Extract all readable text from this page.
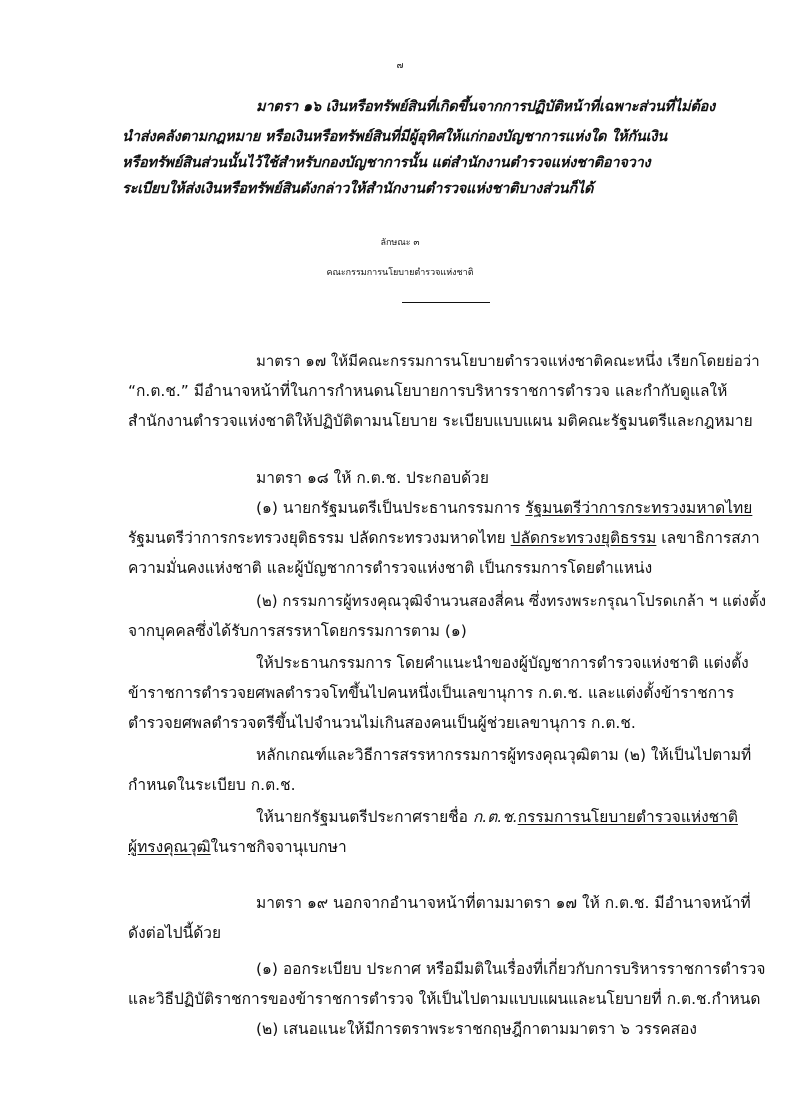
๗
มาตรา ๑๖ เงินหรือทรัพย์สินที่เกิดขึ้นจากการปฏิบัติหน้าที่เฉพาะส่วนที่ไม่ต้อง
นำส่งคลังตามกฎหมาย หรือเงินหรือทรัพย์สินที่มีผู้อุทิศให้แก่กองบัญชาการแห่งใด ให้กันเงิน
หรือทรัพย์สินส่วนนั้นไว้ใช้สำหรับกองบัญชาการนั้น แต่สำนักงานตำรวจแห่งชาติอาจวาง
ระเบียบให้ส่งเงินหรือทรัพย์สินดังกล่าวให้สำนักงานตำรวจแห่งชาติบางส่วนก็ได้
ลักษณะ ๓
คณะกรรมการนโยบายตำรวจแห่งชาติ
มาตรา ๑๗ ให้มีคณะกรรมการนโยบายตำรวจแห่งชาติคณะหนึ่ง เรียกโดยย่อว่า
“ก.ต.ช.” มีอำนาจหน้าที่ในการกำหนดนโยบายการบริหารราชการตำรวจ และกำกับดูแลให้
สำนักงานตำรวจแห่งชาติให้ปฏิบัติตามนโยบาย ระเบียบแบบแผน มติคณะรัฐมนตรีและกฎหมาย
มาตรา ๑๘ ให้ ก.ต.ช. ประกอบด้วย
(๑) นายกรัฐมนตรีเป็นประธานกรรมการ รัฐมนตรีว่าการกระทรวงมหาดไทย
รัฐมนตรีว่าการกระทรวงยุติธรรม ปลัดกระทรวงมหาดไทย ปลัดกระทรวงยุติธรรม เลขาธิการสภา
ความมั่นคงแห่งชาติ และผู้บัญชาการตำรวจแห่งชาติ เป็นกรรมการโดยตำแหน่ง
(๒) กรรมการผู้ทรงคุณวุฒิจำนวนสองสี่คน ซึ่งทรงพระกรุณาโปรดเกล้า ฯ แต่งตั้ง
จากบุคคลซึ่งได้รับการสรรหาโดยกรรมการตาม (๑)
ให้ประธานกรรมการ โดยคำแนะนำของผู้บัญชาการตำรวจแห่งชาติ แต่งตั้ง
ข้าราชการตำรวจยศพลตำรวจโทขึ้นไปคนหนึ่งเป็นเลขานุการ ก.ต.ช. และแต่งตั้งข้าราชการ
ตำรวจยศพลตำรวจตรีขึ้นไปจำนวนไม่เกินสองคนเป็นผู้ช่วยเลขานุการ ก.ต.ช.
หลักเกณฑ์และวิธีการสรรหากรรมการผู้ทรงคุณวุฒิตาม (๒) ให้เป็นไปตามที่
กำหนดในระเบียบ ก.ต.ช.
ให้นายกรัฐมนตรีประกาศรายชื่อ ก.ต.ช.กรรมการนโยบายตำรวจแห่งชาติ
ผู้ทรงคุณวุฒิในราชกิจจานุเบกษา
มาตรา ๑๙ นอกจากอำนาจหน้าที่ตามมาตรา ๑๗ ให้ ก.ต.ช. มีอำนาจหน้าที่
ดังต่อไปนี้ด้วย
(๑) ออกระเบียบ ประกาศ หรือมีมติในเรื่องที่เกี่ยวกับการบริหารราชการตำรวจ
และวิธีปฏิบัติราชการของข้าราชการตำรวจ ให้เป็นไปตามแบบแผนและนโยบายที่ ก.ต.ช.กำหนด
(๒) เสนอแนะให้มีการตราพระราชกฤษฎีกาตามมาตรา ๖ วรรคสอง
